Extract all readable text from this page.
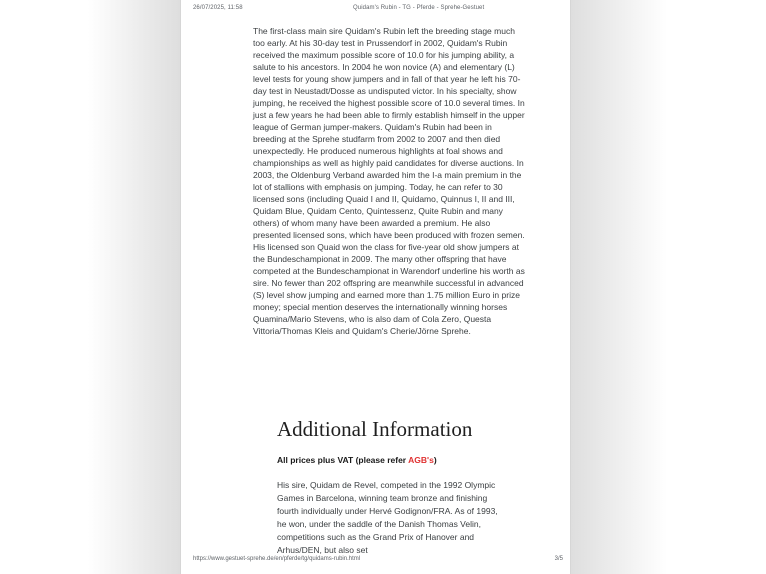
26/07/2025, 11:58	Quidam's Rubin - TG - Pferde - Sprehe-Gestuet
The first-class main sire Quidam's Rubin left the breeding stage much too early. At his 30-day test in Prussendorf in 2002, Quidam's Rubin received the maximum possible score of 10.0 for his jumping ability, a salute to his ancestors. In 2004 he won novice (A) and elementary (L) level tests for young show jumpers and in fall of that year he left his 70-day test in Neustadt/Dosse as undisputed victor. In his specialty, show jumping, he received the highest possible score of 10.0 several times. In just a few years he had been able to firmly establish himself in the upper league of German jumper-makers. Quidam's Rubin had been in breeding at the Sprehe studfarm from 2002 to 2007 and then died unexpectedly. He produced numerous highlights at foal shows and championships as well as highly paid candidates for diverse auctions. In 2003, the Oldenburg Verband awarded him the I-a main premium in the lot of stallions with emphasis on jumping. Today, he can refer to 30 licensed sons (including Quaid I and II, Quidamo, Quinnus I, II and III, Quidam Blue, Quidam Cento, Quintessenz, Quite Rubin and many others) of whom many have been awarded a premium. He also presented licensed sons, which have been produced with frozen semen. His licensed son Quaid won the class for five-year old show jumpers at the Bundeschampionat in 2009. The many other offspring that have competed at the Bundeschampionat in Warendorf underline his worth as sire. No fewer than 202 offspring are meanwhile successful in advanced (S) level show jumping and earned more than 1.75 million Euro in prize money; special mention deserves the internationally winning horses Quamina/Mario Stevens, who is also dam of Cola Zero, Questa Vittoria/Thomas Kleis and Quidam's Cherie/Jörne Sprehe.
Additional Information
All prices plus VAT (please refer AGB's)
His sire, Quidam de Revel, competed in the 1992 Olympic Games in Barcelona, winning team bronze and finishing fourth individually under Hervé Godignon/FRA. As of 1993, he won, under the saddle of the Danish Thomas Velin, competitions such as the Grand Prix of Hanover and Arhus/DEN, but also set
https://www.gestuet-sprehe.de/en/pferde/tg/quidams-rubin.html	3/5
